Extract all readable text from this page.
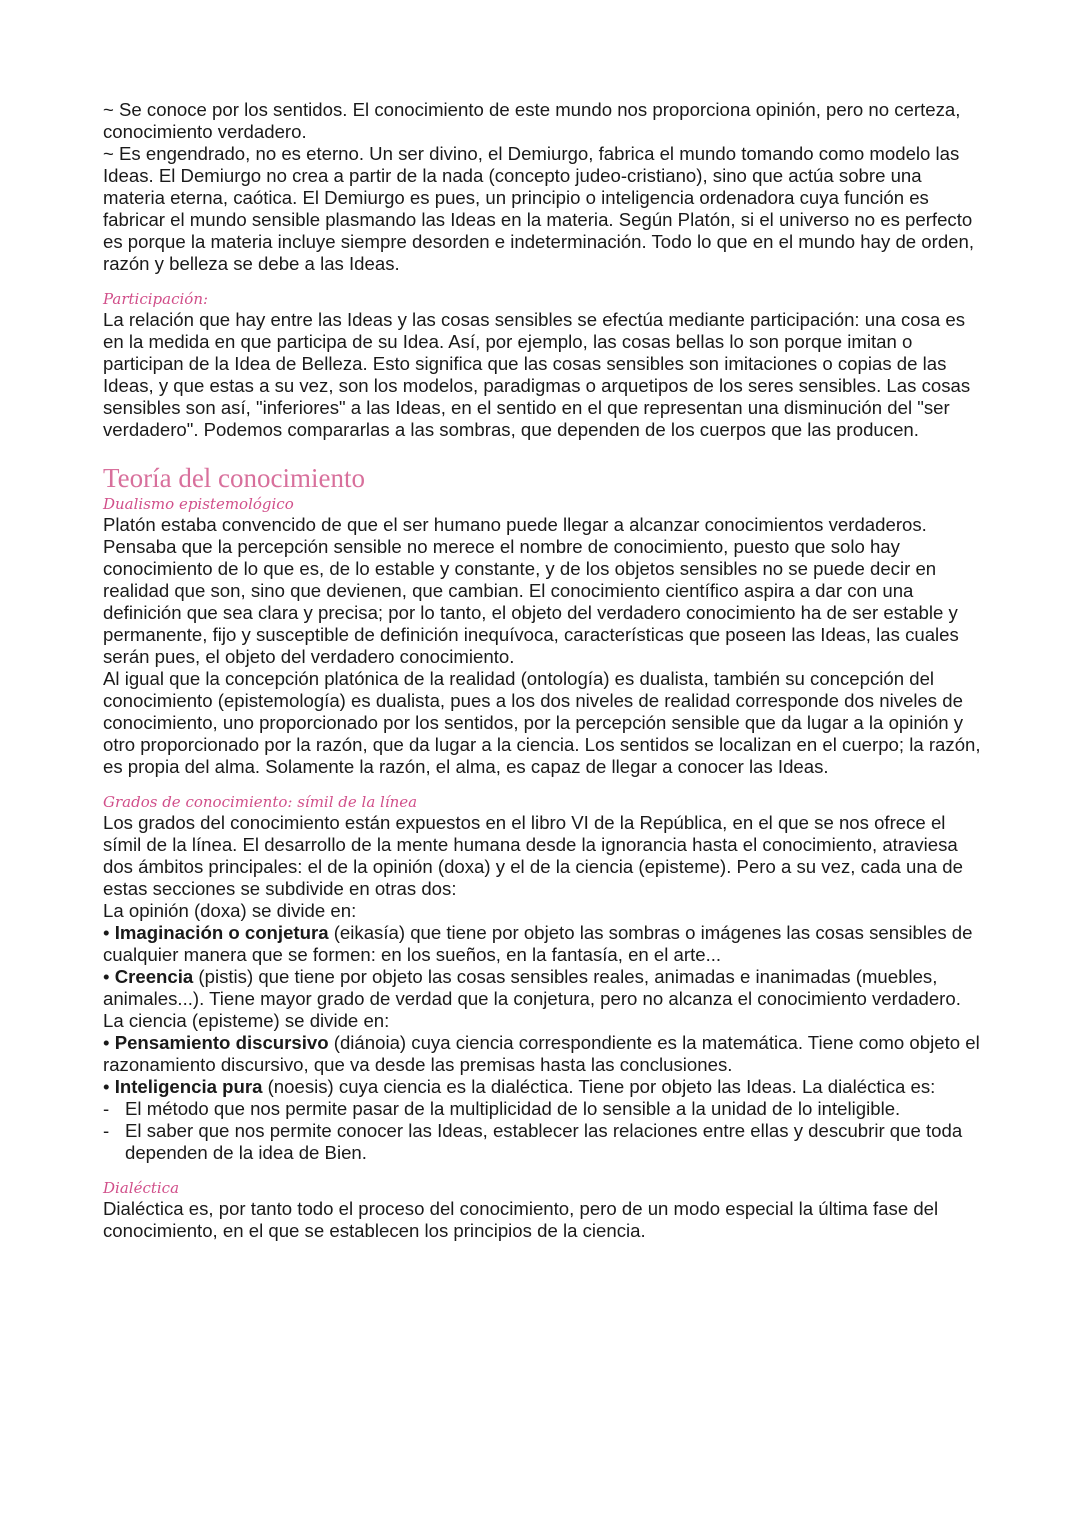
~ Se conoce por los sentidos. El conocimiento de este mundo nos proporciona opinión, pero no certeza, conocimiento verdadero.

~ Es engendrado, no es eterno. Un ser divino, el Demiurgo, fabrica el mundo tomando como modelo las Ideas. El Demiurgo no crea a partir de la nada (concepto judeo-cristiano), sino que actúa sobre una materia eterna, caótica. El Demiurgo es pues, un principio o inteligencia ordenadora cuya función es fabricar el mundo sensible plasmando las Ideas en la materia. Según Platón, si el universo no es perfecto es porque la materia incluye siempre desorden e indeterminación. Todo lo que en el mundo hay de orden, razón y belleza se debe a las Ideas.

Participación:

La relación que hay entre las Ideas y las cosas sensibles se efectúa mediante participación: una cosa es en la medida en que participa de su Idea. Así, por ejemplo, las cosas bellas lo son porque imitan o participan de la Idea de Belleza. Esto significa que las cosas sensibles son imitaciones o copias de las Ideas, y que estas a su vez, son los modelos, paradigmas o arquetipos de los seres sensibles. Las cosas sensibles son así, "inferiores" a las Ideas, en el sentido en el que representan una disminución del "ser verdadero". Podemos compararlas a las sombras, que dependen de los cuerpos que las producen.

Teoría del conocimiento

Dualismo epistemológico

Platón estaba convencido de que el ser humano puede llegar a alcanzar conocimientos verdaderos. Pensaba que la percepción sensible no merece el nombre de conocimiento, puesto que solo hay conocimiento de lo que es, de lo estable y constante, y de los objetos sensibles no se puede decir en realidad que son, sino que devienen, que cambian. El conocimiento científico aspira a dar con una definición que sea clara y precisa; por lo tanto, el objeto del verdadero conocimiento ha de ser estable y permanente, fijo y susceptible de definición inequívoca, características que poseen las Ideas, las cuales serán pues, el objeto del verdadero conocimiento.

Al igual que la concepción platónica de la realidad (ontología) es dualista, también su concepción del conocimiento (epistemología) es dualista, pues a los dos niveles de realidad corresponde dos niveles de conocimiento, uno proporcionado por los sentidos, por la percepción sensible que da lugar a la opinión y otro proporcionado por la razón, que da lugar a la ciencia. Los sentidos se localizan en el cuerpo; la razón, es propia del alma. Solamente la razón, el alma, es capaz de llegar a conocer las Ideas.

Grados de conocimiento: símil de la línea

Los grados del conocimiento están expuestos en el libro VI de la República, en el que se nos ofrece el símil de la línea. El desarrollo de la mente humana desde la ignorancia hasta el conocimiento, atraviesa dos ámbitos principales: el de la opinión (doxa) y el de la ciencia (episteme). Pero a su vez, cada una de estas secciones se subdivide en otras dos:

La opinión (doxa) se divide en:

• Imaginación o conjetura (eikasía) que tiene por objeto las sombras o imágenes las cosas sensibles de cualquier manera que se formen: en los sueños, en la fantasía, en el arte...

• Creencia (pistis) que tiene por objeto las cosas sensibles reales, animadas e inanimadas (muebles, animales...). Tiene mayor grado de verdad que la conjetura, pero no alcanza el conocimiento verdadero.

La ciencia (episteme) se divide en:

• Pensamiento discursivo (diánoia) cuya ciencia correspondiente es la matemática. Tiene como objeto el razonamiento discursivo, que va desde las premisas hasta las conclusiones.

• Inteligencia pura (noesis) cuya ciencia es la dialéctica. Tiene por objeto las Ideas. La dialéctica es:

- El método que nos permite pasar de la multiplicidad de lo sensible a la unidad de lo inteligible.
- El saber que nos permite conocer las Ideas, establecer las relaciones entre ellas y descubrir que toda dependen de la idea de Bien.

Dialéctica

Dialéctica es, por tanto todo el proceso del conocimiento, pero de un modo especial la última fase del conocimiento, en el que se establecen los principios de la ciencia.
